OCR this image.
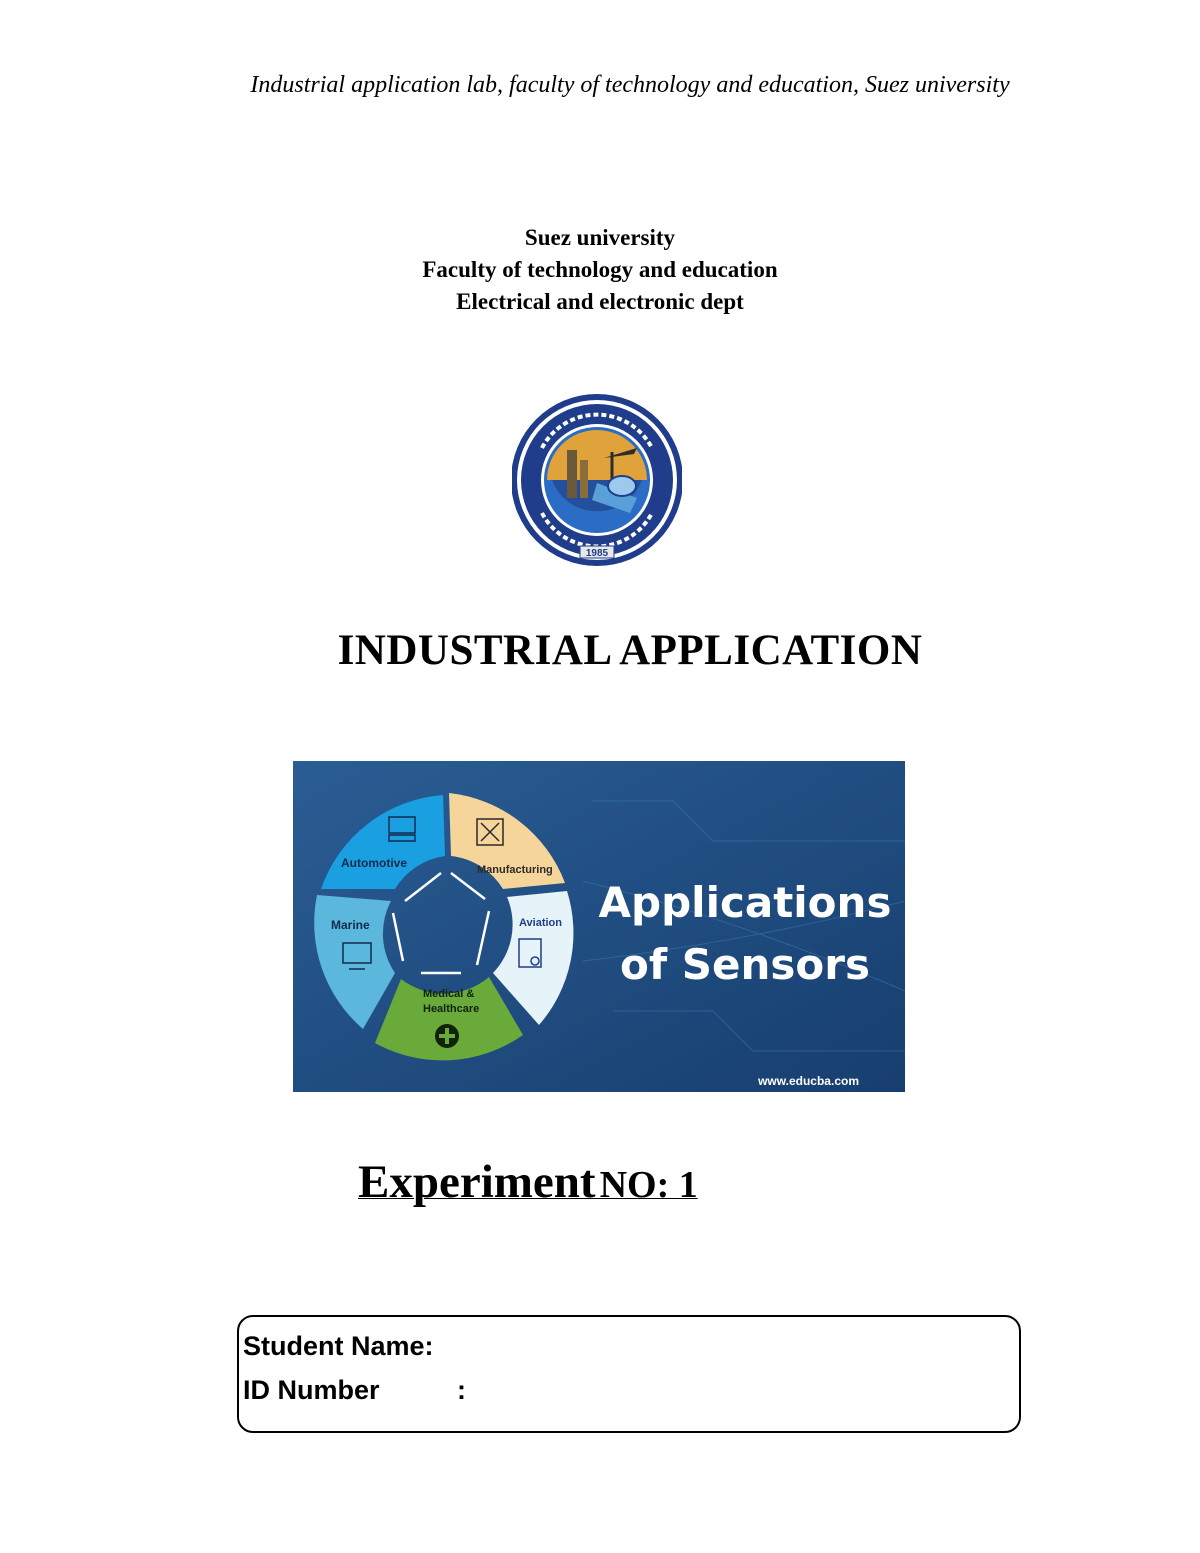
Industrial application lab, faculty of technology and education, Suez university
Suez university
Faculty of technology and education
Electrical and electronic dept
1985
INDUSTRIAL APPLICATION
Automotive	Manufacturing
Aviation
Marine
Medical & Healthcare
Applications
of Sensors
www.educba.com
Experiment NO: 1
Student Name:
ID Number	:
